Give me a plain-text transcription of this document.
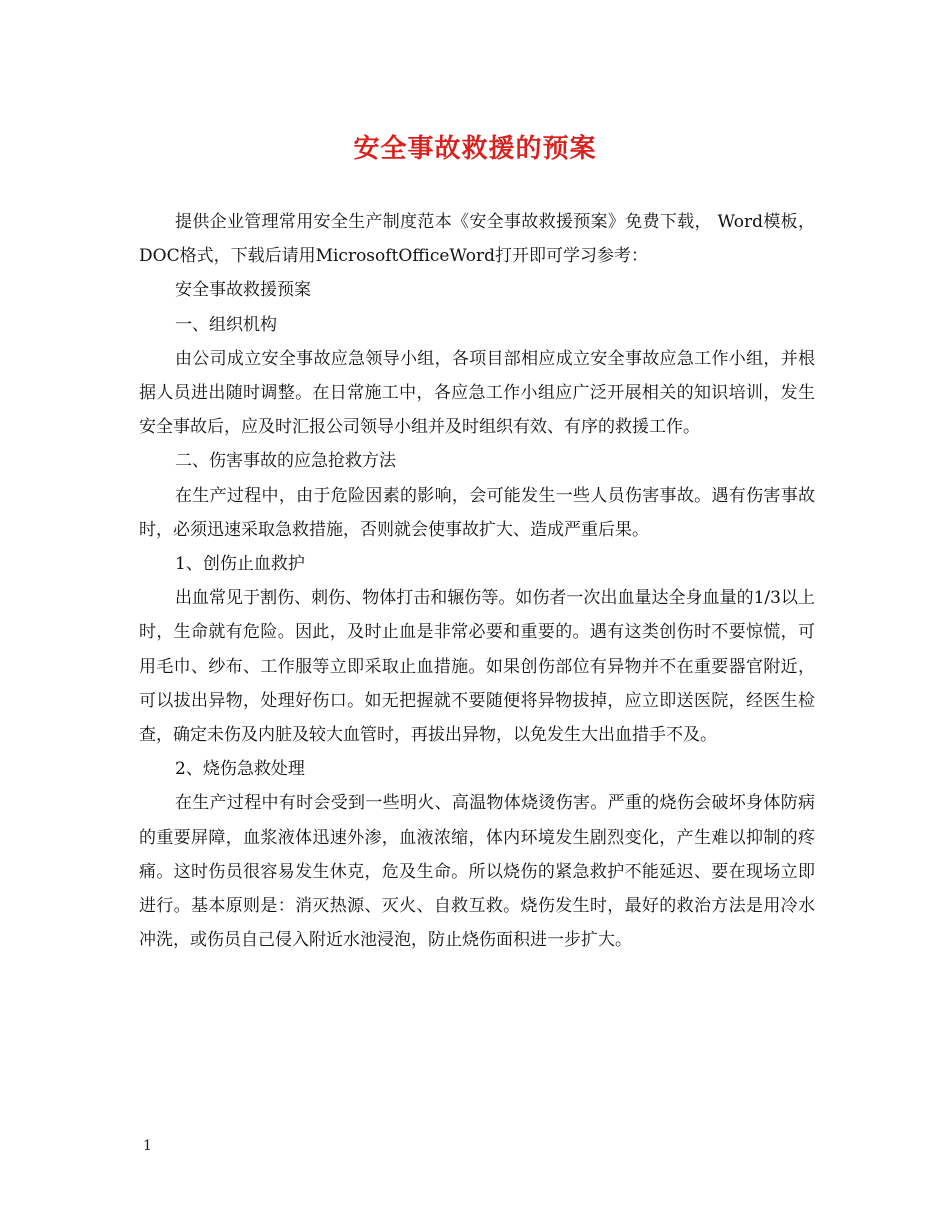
安全事故救援的预案

提供企业管理常用安全生产制度范本《安全事故救援预案》免费下载， Word模板，DOC格式，下载后请用MicrosoftOfficeWord打开即可学习参考：

安全事故救援预案

一、组织机构

由公司成立安全事故应急领导小组，各项目部相应成立安全事故应急工作小组，并根据人员进出随时调整。在日常施工中，各应急工作小组应广泛开展相关的知识培训，发生安全事故后，应及时汇报公司领导小组并及时组织有效、有序的救援工作。

二、伤害事故的应急抢救方法

在生产过程中，由于危险因素的影响，会可能发生一些人员伤害事故。遇有伤害事故时，必须迅速采取急救措施，否则就会使事故扩大、造成严重后果。

1、创伤止血救护

出血常见于割伤、刺伤、物体打击和辗伤等。如伤者一次出血量达全身血量的1/3以上时，生命就有危险。因此，及时止血是非常必要和重要的。遇有这类创伤时不要惊慌，可用毛巾、纱布、工作服等立即采取止血措施。如果创伤部位有异物并不在重要器官附近，可以拔出异物，处理好伤口。如无把握就不要随便将异物拔掉，应立即送医院，经医生检查，确定未伤及内脏及较大血管时，再拔出异物，以免发生大出血措手不及。

2、烧伤急救处理

在生产过程中有时会受到一些明火、高温物体烧烫伤害。严重的烧伤会破坏身体防病的重要屏障，血浆液体迅速外渗，血液浓缩，体内环境发生剧烈变化，产生难以抑制的疼痛。这时伤员很容易发生休克，危及生命。所以烧伤的紧急救护不能延迟、要在现场立即进行。基本原则是：消灭热源、灭火、自救互救。烧伤发生时，最好的救治方法是用冷水冲洗，或伤员自己侵入附近水池浸泡，防止烧伤面积进一步扩大。

1
